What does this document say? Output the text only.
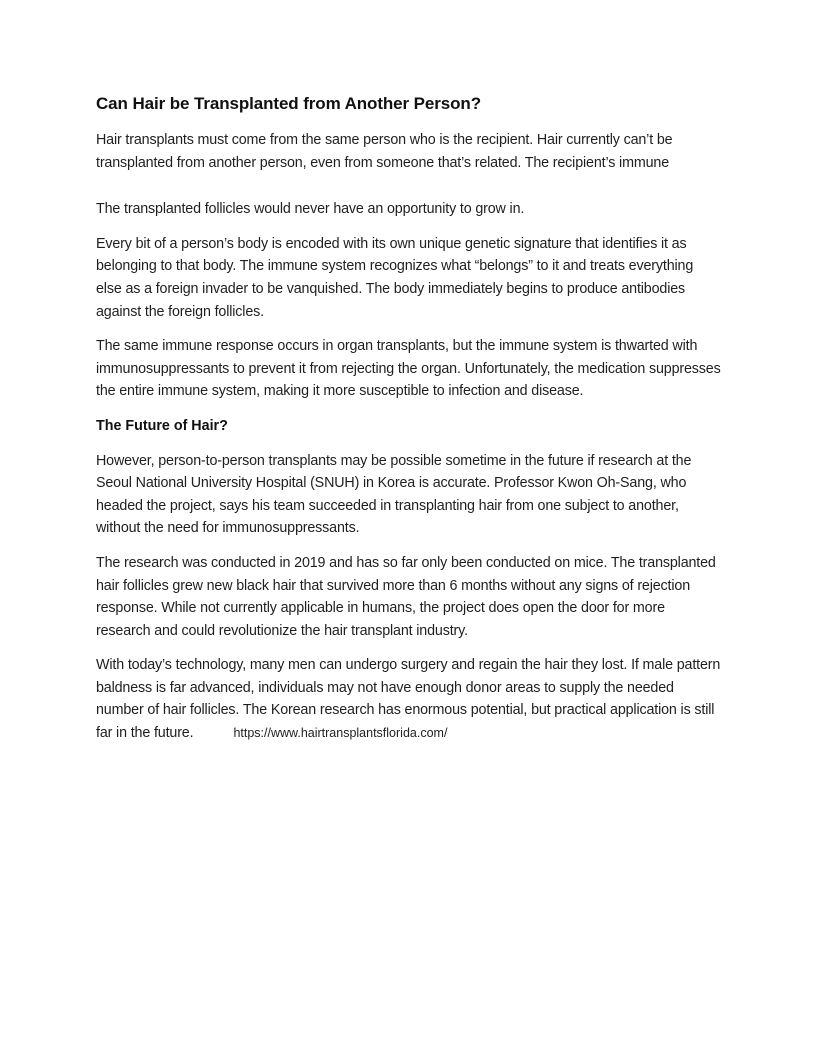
Can Hair be Transplanted from Another Person?

Hair transplants must come from the same person who is the recipient. Hair currently can’t be transplanted from another person, even from someone that’s related. The recipient’s immune

The transplanted follicles would never have an opportunity to grow in.

Every bit of a person’s body is encoded with its own unique genetic signature that identifies it as belonging to that body. The immune system recognizes what “belongs” to it and treats everything else as a foreign invader to be vanquished. The body immediately begins to produce antibodies against the foreign follicles.

The same immune response occurs in organ transplants, but the immune system is thwarted with immunosuppressants to prevent it from rejecting the organ. Unfortunately, the medication suppresses the entire immune system, making it more susceptible to infection and disease.

The Future of Hair?

However, person-to-person transplants may be possible sometime in the future if research at the Seoul National University Hospital (SNUH) in Korea is accurate. Professor Kwon Oh-Sang, who headed the project, says his team succeeded in transplanting hair from one subject to another, without the need for immunosuppressants.

The research was conducted in 2019 and has so far only been conducted on mice. The transplanted hair follicles grew new black hair that survived more than 6 months without any signs of rejection response. While not currently applicable in humans, the project does open the door for more research and could revolutionize the hair transplant industry.

With today’s technology, many men can undergo surgery and regain the hair they lost. If male pattern baldness is far advanced, individuals may not have enough donor areas to supply the needed number of hair follicles. The Korean research has enormous potential, but practical application is still far in the future.	https://www.hairtransplantsflorida.com/
